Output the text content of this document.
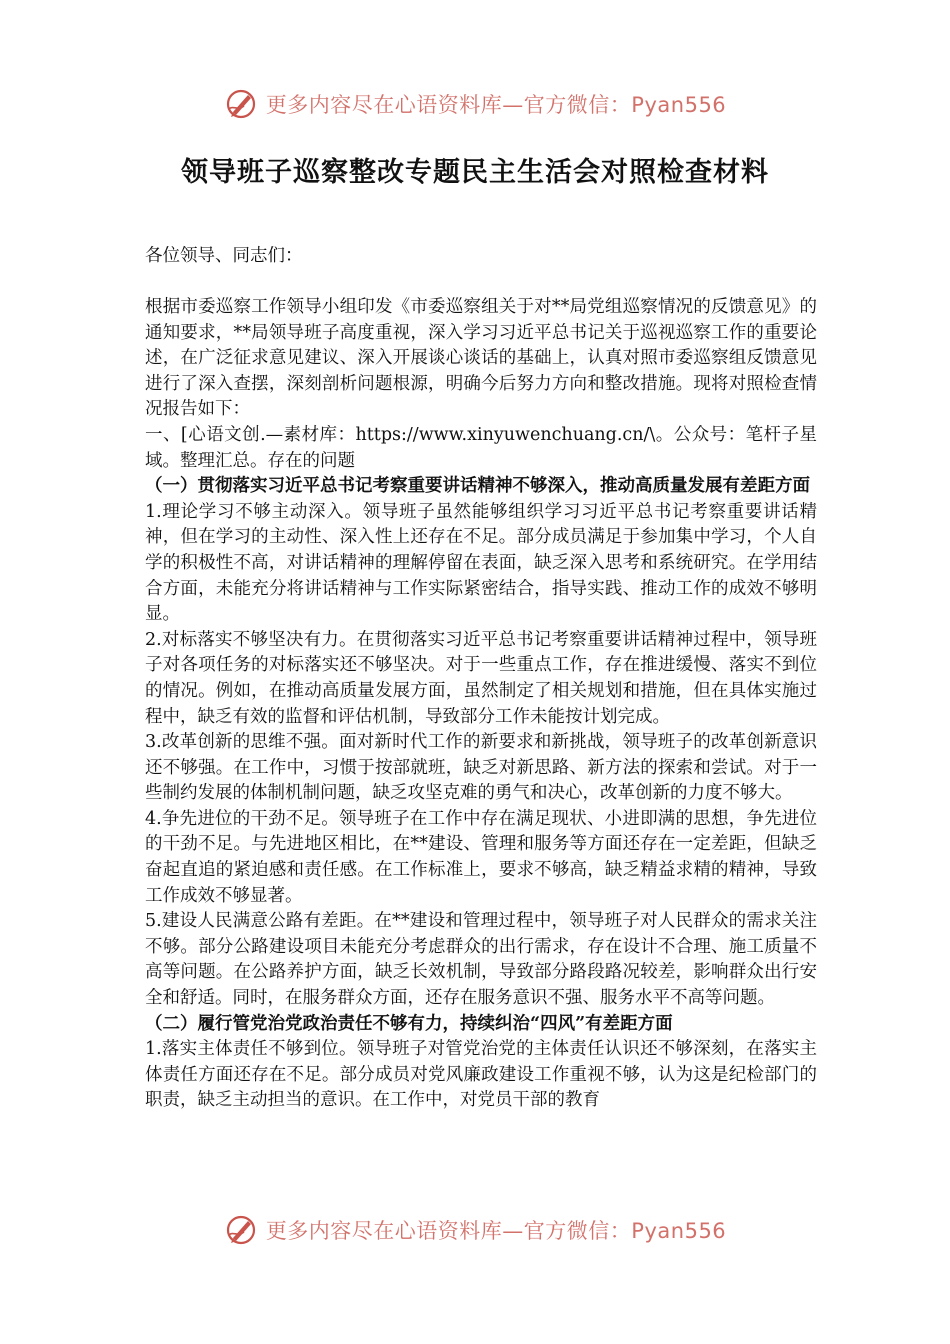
更多内容尽在心语资料库—官方微信：Pyan556
领导班子巡察整改专题民主生活会对照检查材料

各位领导、同志们：

根据市委巡察工作领导小组印发《市委巡察组关于对**局党组巡察情况的反馈意见》的通知要求，**局领导班子高度重视，深入学习习近平总书记关于巡视巡察工作的重要论述，在广泛征求意见建议、深入开展谈心谈话的基础上，认真对照市委巡察组反馈意见进行了深入查摆，深刻剖析问题根源，明确今后努力方向和整改措施。现将对照检查情况报告如下：

一、[心语文创.—素材库：https://www.xinyuwenchuang.cn/\。公众号：笔杆子星域。整理汇总。存在的问题

（一）贯彻落实习近平总书记考察重要讲话精神不够深入，推动高质量发展有差距方面

1.理论学习不够主动深入。领导班子虽然能够组织学习习近平总书记考察重要讲话精神，但在学习的主动性、深入性上还存在不足。部分成员满足于参加集中学习，个人自学的积极性不高，对讲话精神的理解停留在表面，缺乏深入思考和系统研究。在学用结合方面，未能充分将讲话精神与工作实际紧密结合，指导实践、推动工作的成效不够明显。

2.对标落实不够坚决有力。在贯彻落实习近平总书记考察重要讲话精神过程中，领导班子对各项任务的对标落实还不够坚决。对于一些重点工作，存在推进缓慢、落实不到位的情况。例如，在推动高质量发展方面，虽然制定了相关规划和措施，但在具体实施过程中，缺乏有效的监督和评估机制，导致部分工作未能按计划完成。

3.改革创新的思维不强。面对新时代工作的新要求和新挑战，领导班子的改革创新意识还不够强。在工作中，习惯于按部就班，缺乏对新思路、新方法的探索和尝试。对于一些制约发展的体制机制问题，缺乏攻坚克难的勇气和决心，改革创新的力度不够大。

4.争先进位的干劲不足。领导班子在工作中存在满足现状、小进即满的思想，争先进位的干劲不足。与先进地区相比，在**建设、管理和服务等方面还存在一定差距，但缺乏奋起直追的紧迫感和责任感。在工作标准上，要求不够高，缺乏精益求精的精神，导致工作成效不够显著。

5.建设人民满意公路有差距。在**建设和管理过程中，领导班子对人民群众的需求关注不够。部分公路建设项目未能充分考虑群众的出行需求，存在设计不合理、施工质量不高等问题。在公路养护方面，缺乏长效机制，导致部分路段路况较差，影响群众出行安全和舒适。同时，在服务群众方面，还存在服务意识不强、服务水平不高等问题。

（二）履行管党治党政治责任不够有力，持续纠治“四风”有差距方面

1.落实主体责任不够到位。领导班子对管党治党的主体责任认识还不够深刻，在落实主体责任方面还存在不足。部分成员对党风廉政建设工作重视不够，认为这是纪检部门的职责，缺乏主动担当的意识。在工作中，对党员干部的教育

更多内容尽在心语资料库—官方微信：Pyan556
